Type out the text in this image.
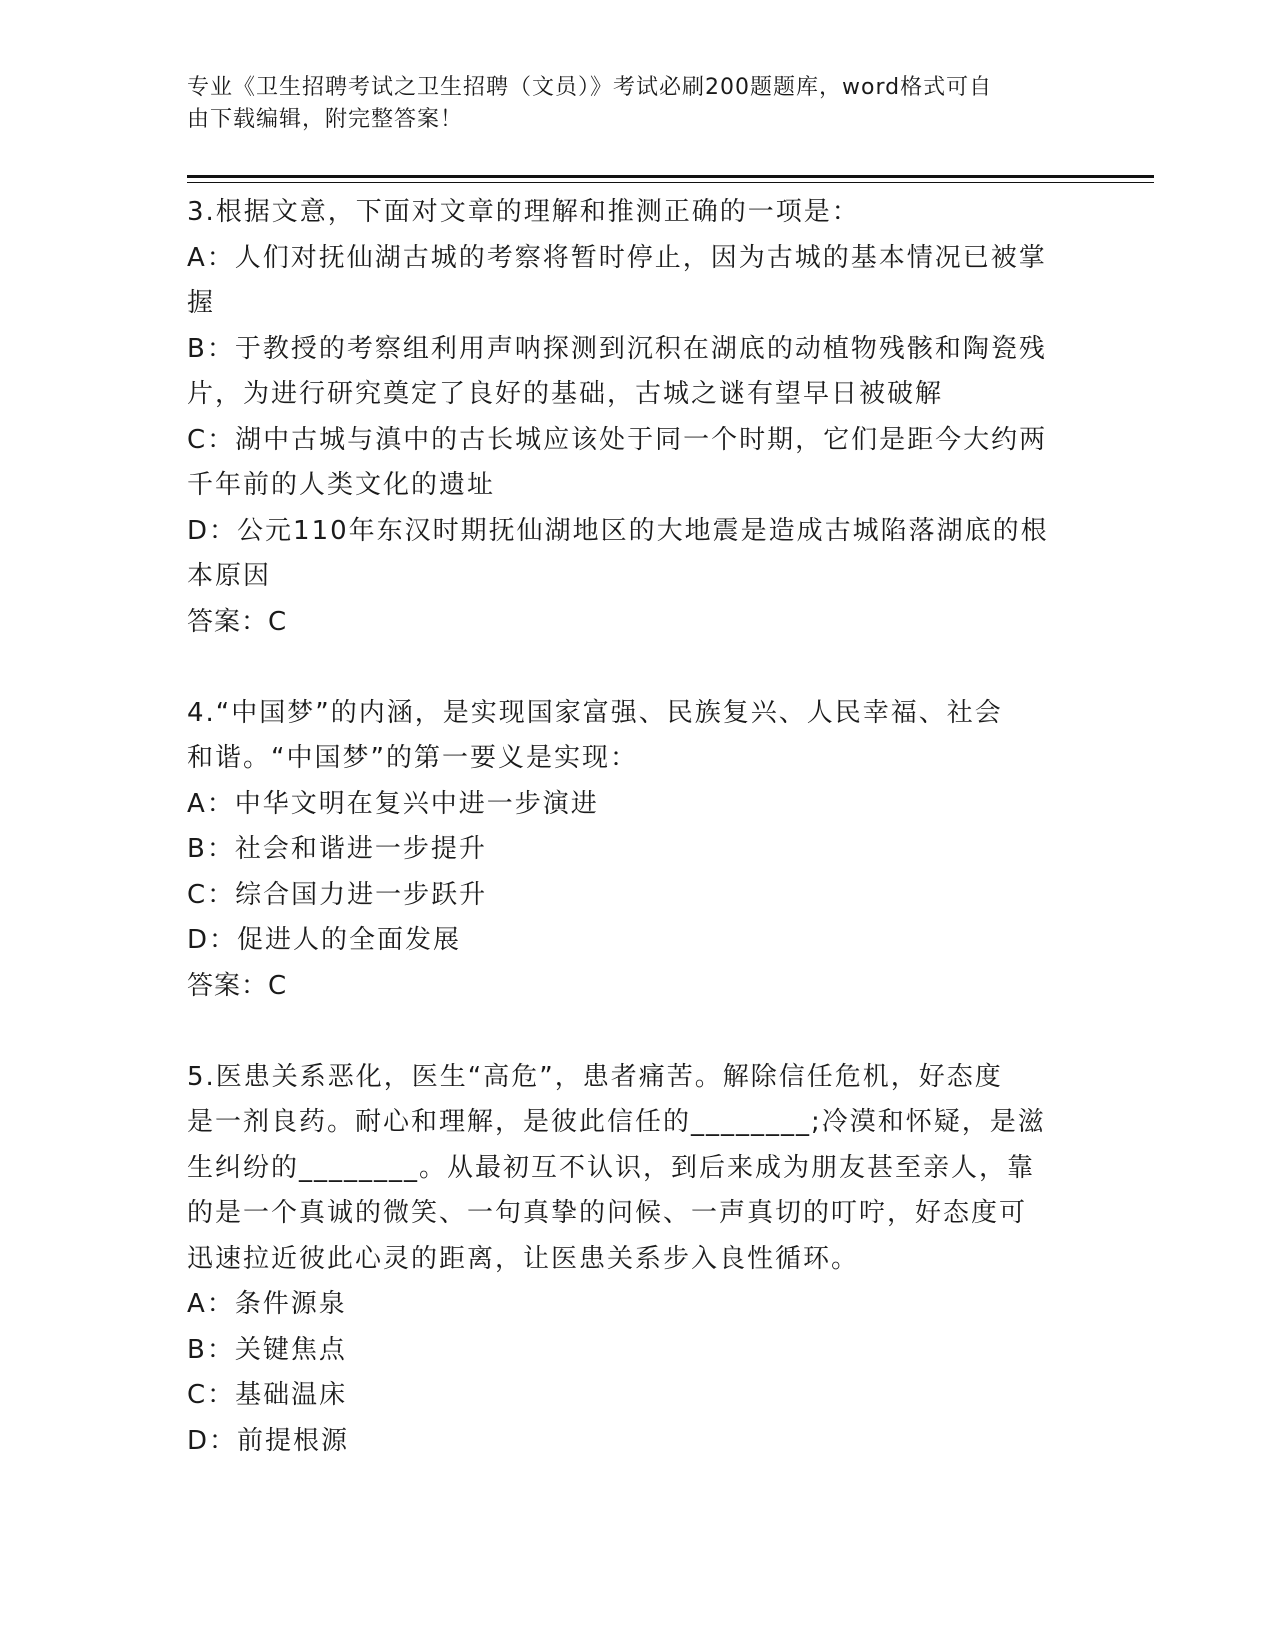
专业《卫生招聘考试之卫生招聘（文员）》考试必刷200题题库，word格式可自
由下载编辑，附完整答案！
3.根据文意，下面对文章的理解和推测正确的一项是：
A：人们对抚仙湖古城的考察将暂时停止，因为古城的基本情况已被掌
握
B：于教授的考察组利用声呐探测到沉积在湖底的动植物残骸和陶瓷残
片，为进行研究奠定了良好的基础，古城之谜有望早日被破解
C：湖中古城与滇中的古长城应该处于同一个时期，它们是距今大约两
千年前的人类文化的遗址
D：公元110年东汉时期抚仙湖地区的大地震是造成古城陷落湖底的根
本原因
答案：C
4.“中国梦”的内涵，是实现国家富强、民族复兴、人民幸福、社会
和谐。“中国梦”的第一要义是实现：
A：中华文明在复兴中进一步演进
B：社会和谐进一步提升
C：综合国力进一步跃升
D：促进人的全面发展
答案：C
5.医患关系恶化，医生“高危”，患者痛苦。解除信任危机，好态度
是一剂良药。耐心和理解，是彼此信任的________;冷漠和怀疑，是滋
生纠纷的________。从最初互不认识，到后来成为朋友甚至亲人，靠
的是一个真诚的微笑、一句真挚的问候、一声真切的叮咛，好态度可
迅速拉近彼此心灵的距离，让医患关系步入良性循环。
A：条件源泉
B：关键焦点
C：基础温床
D：前提根源
